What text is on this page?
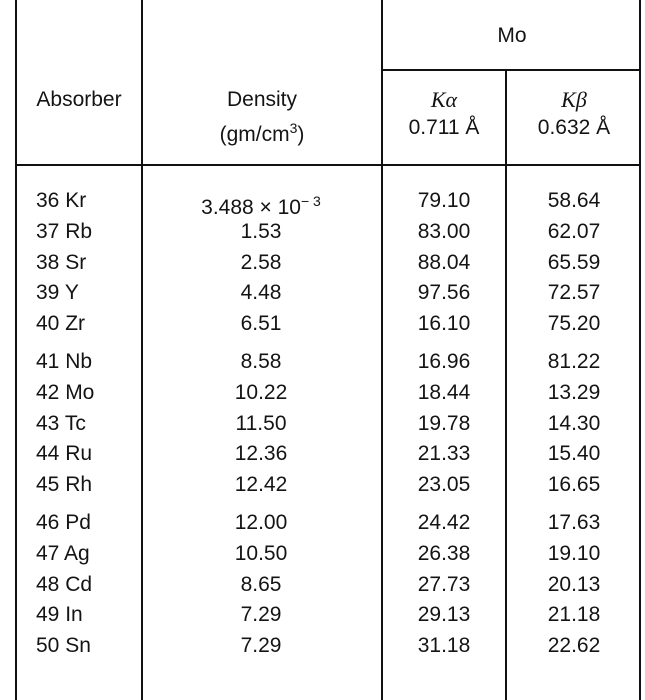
Absorber	Density
$(gm/cm^3)$
Mo
Kα
0.711 Å
Kβ
0.632 Å
36 Kr
37 Rb
38 Sr
39 Y
40 Zr
41 Nb
42 Mo
43 Tc
44 Ru
45 Rh
46 Pd
47 Ag
48 Cd
49 In
50 Sn
$3.488 \times 10^{- 3}$
1.53
2.58
4.48
6.51
8.58
10.22
11.50
12.36
12.42
12.00
10.50
8.65
7.29
7.29
79.10
83.00
88.04
97.56
16.10
16.96
18.44
19.78
21.33
23.05
24.42
26.38
27.73
29.13
31.18
58.64
62.07
65.59
72.57
75.20
81.22
13.29
14.30
15.40
16.65
17.63
19.10
20.13
21.18
22.62
